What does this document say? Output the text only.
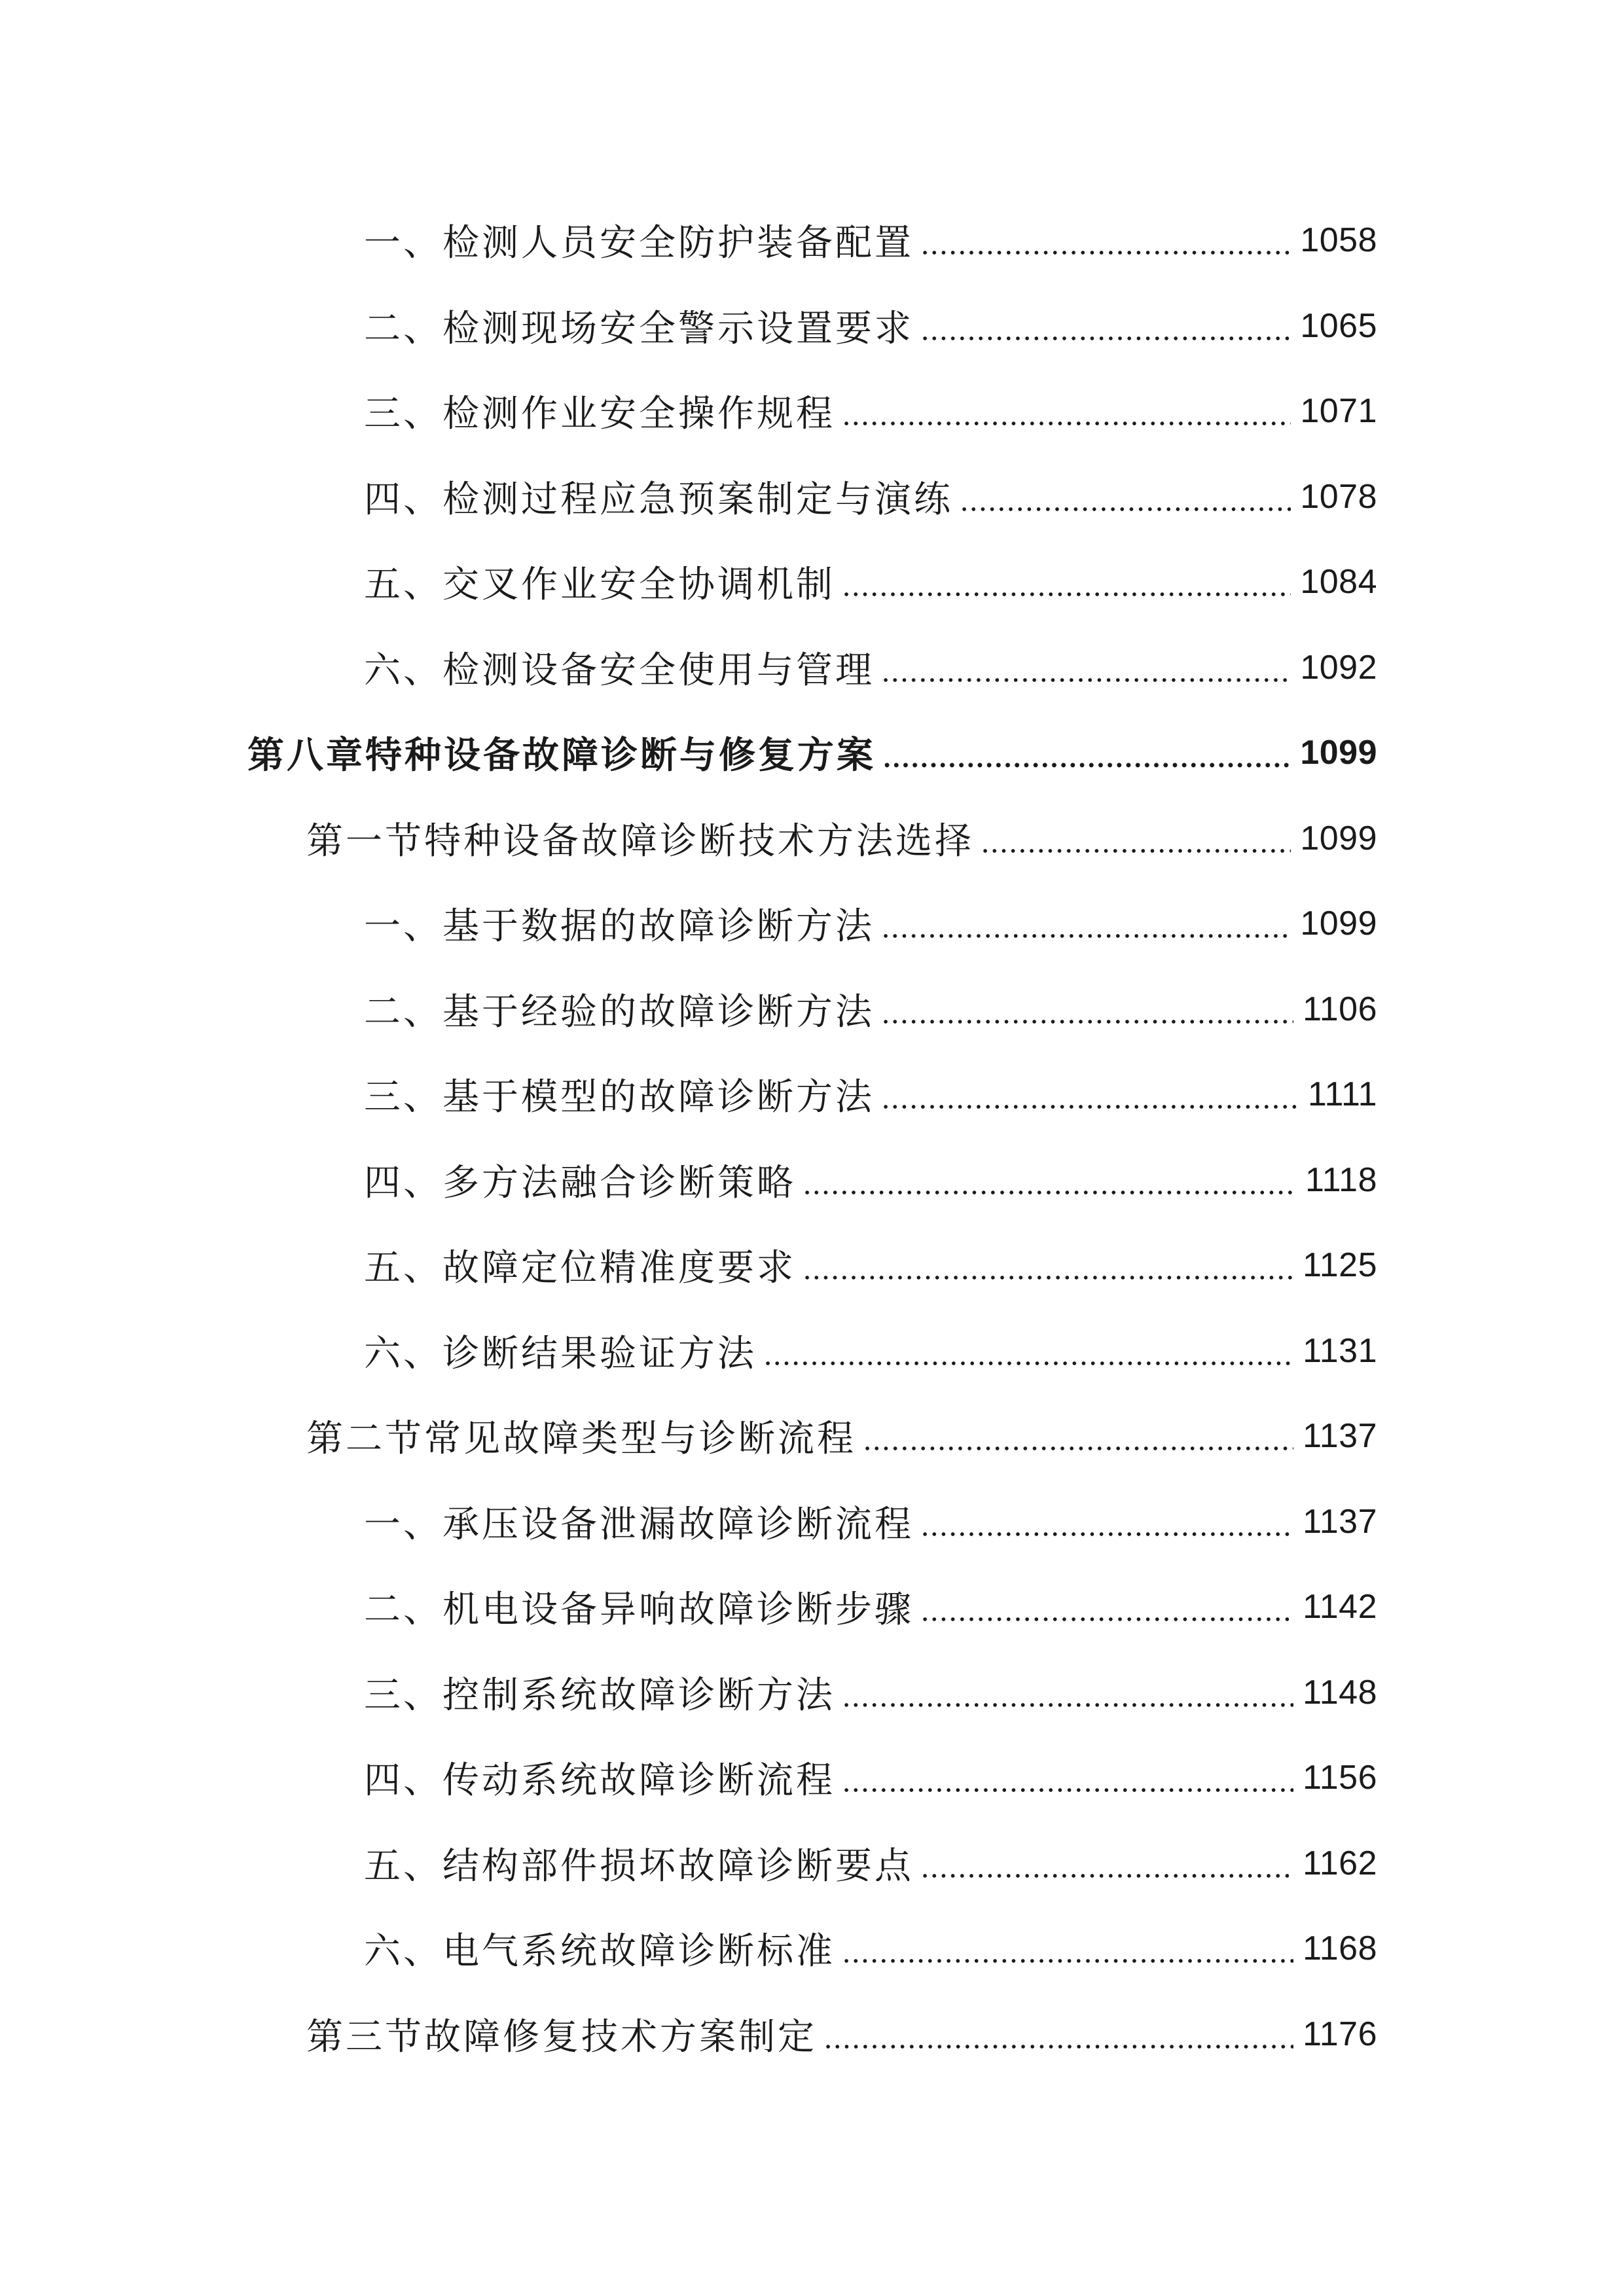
一、检测人员安全防护装备配置	1058
二、检测现场安全警示设置要求	1065
三、检测作业安全操作规程	1071
四、检测过程应急预案制定与演练	1078
五、交叉作业安全协调机制	1084
六、检测设备安全使用与管理	1092
第八章特种设备故障诊断与修复方案	1099
第一节特种设备故障诊断技术方法选择	1099
一、基于数据的故障诊断方法	1099
二、基于经验的故障诊断方法	1106
三、基于模型的故障诊断方法	1111
四、多方法融合诊断策略	1118
五、故障定位精准度要求	1125
六、诊断结果验证方法	1131
第二节常见故障类型与诊断流程	1137
一、承压设备泄漏故障诊断流程	1137
二、机电设备异响故障诊断步骤	1142
三、控制系统故障诊断方法	1148
四、传动系统故障诊断流程	1156
五、结构部件损坏故障诊断要点	1162
六、电气系统故障诊断标准	1168
第三节故障修复技术方案制定	1176
